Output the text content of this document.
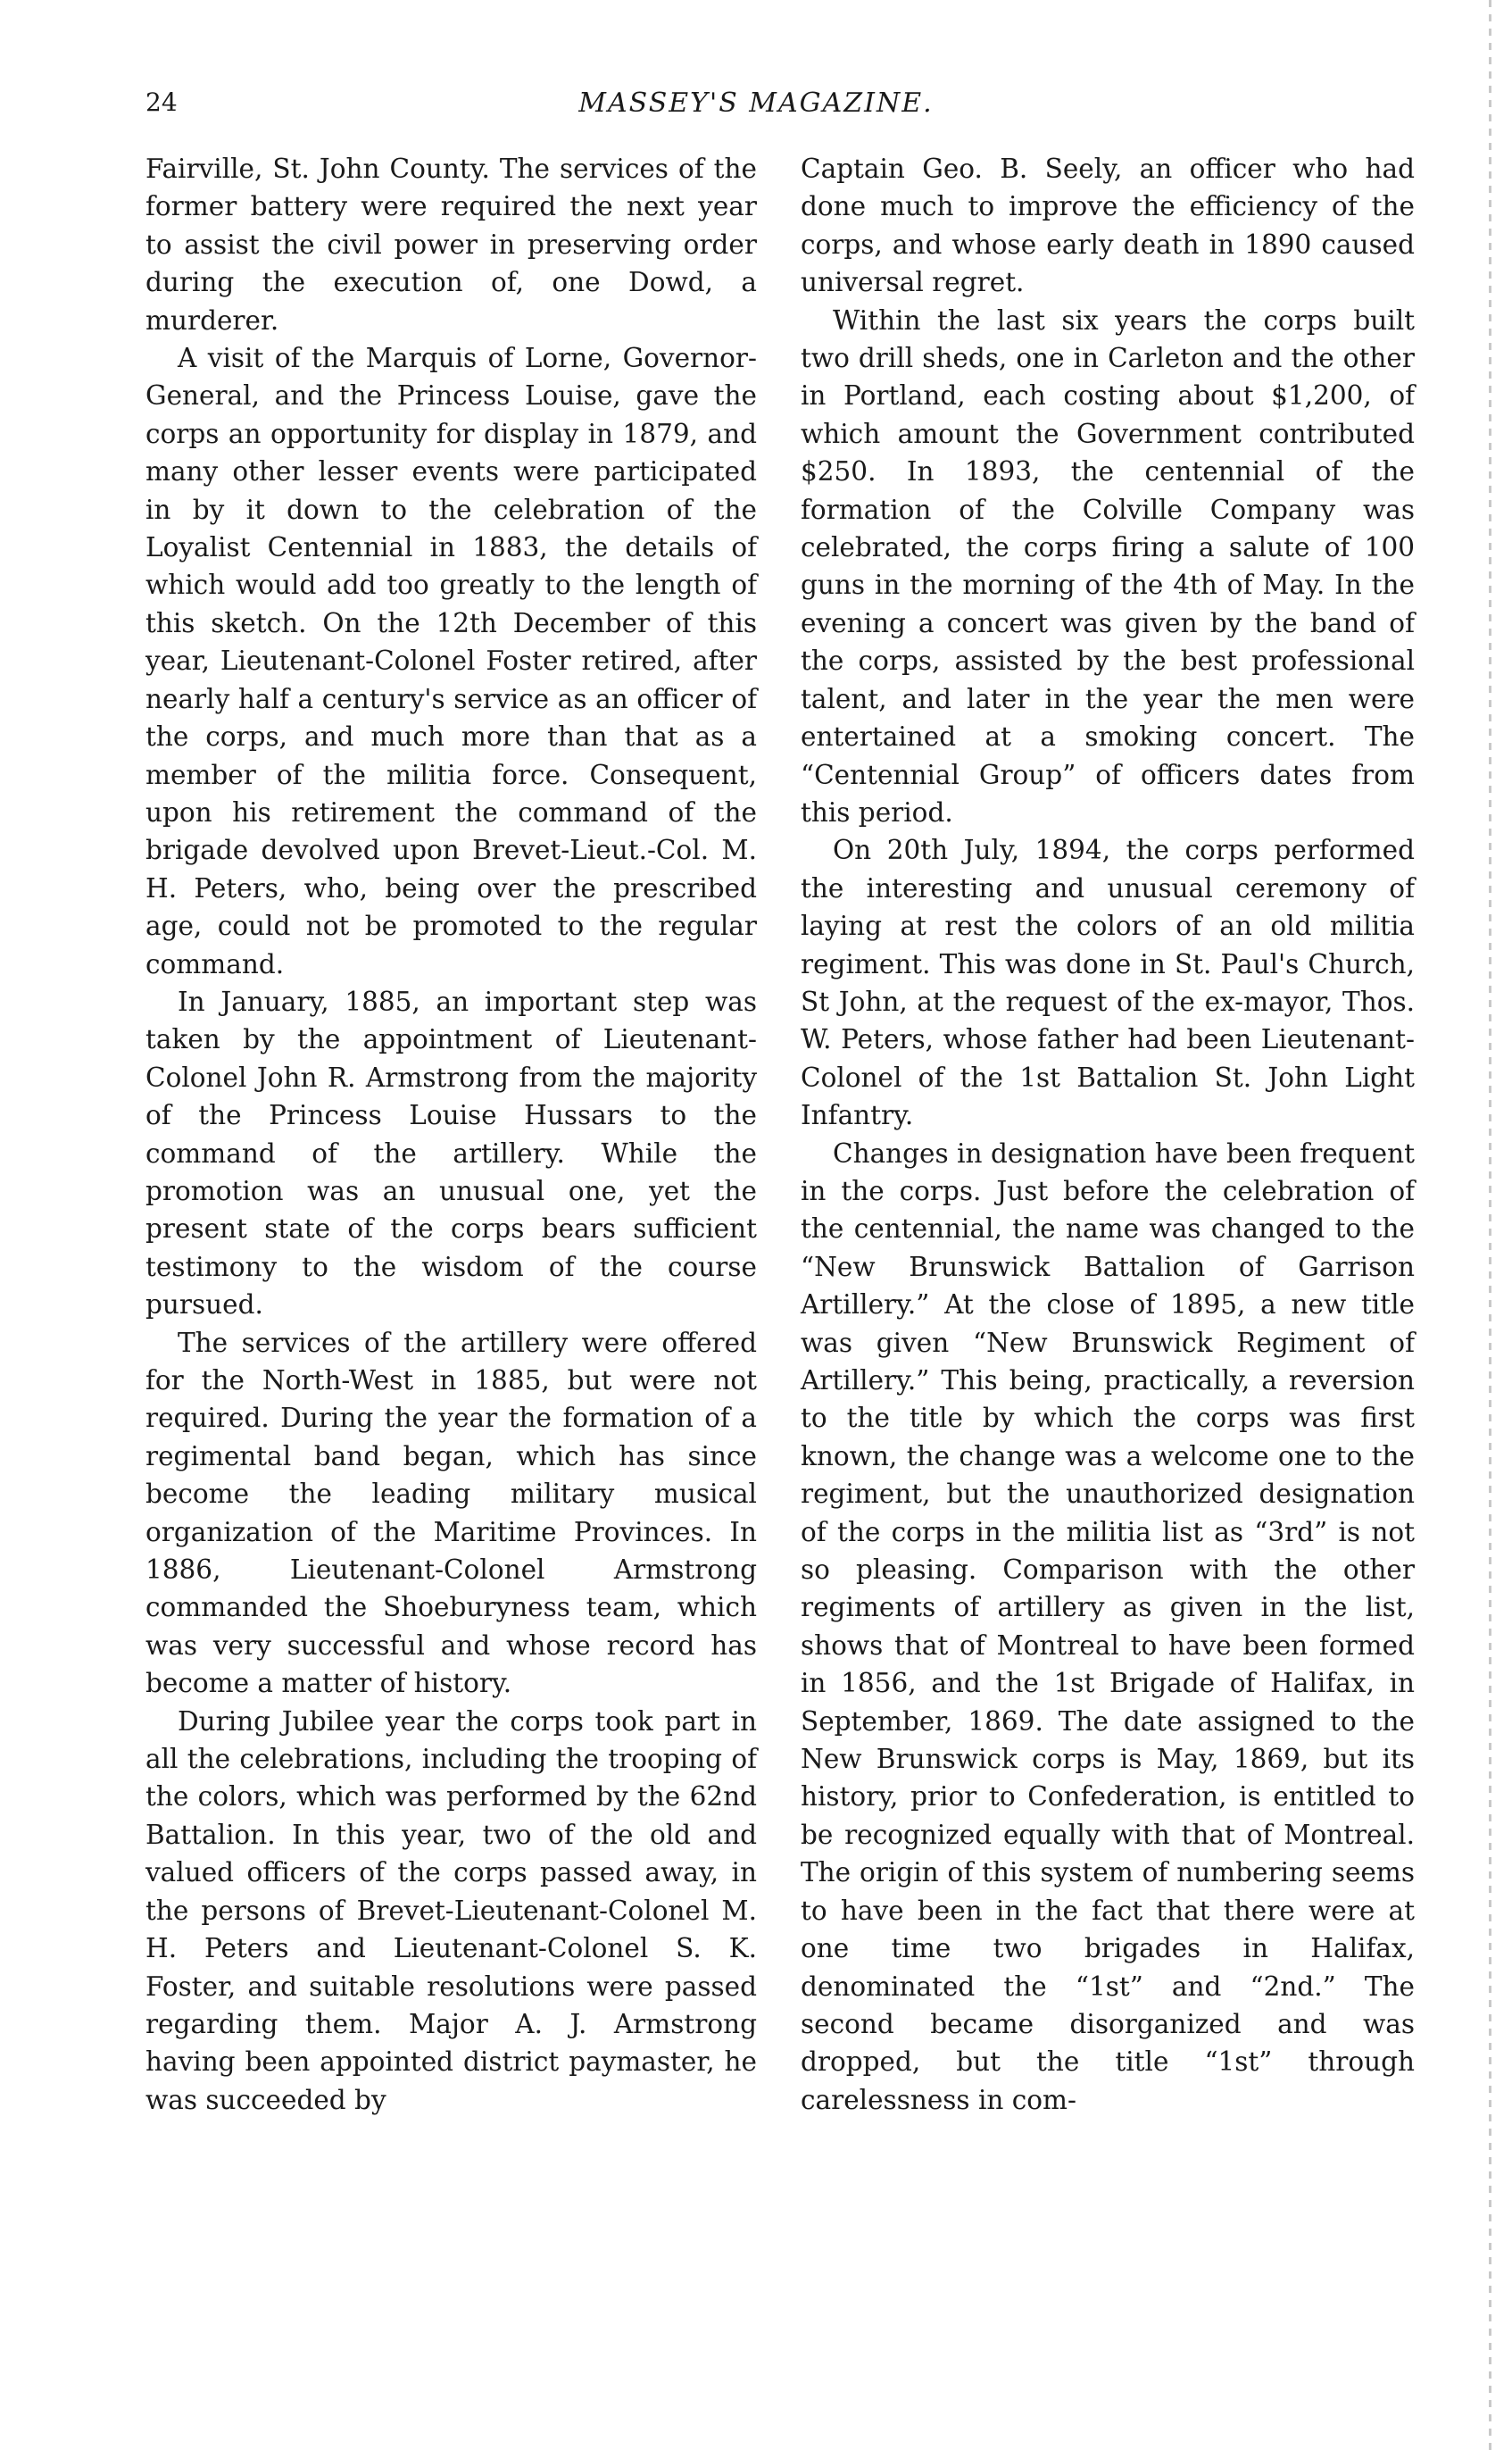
24	MASSEY'S MAGAZINE.

Fairville, St. John County. The services of the former battery were required the next year to assist the civil power in preserving order during the execution of, one Dowd, a murderer.

A visit of the Marquis of Lorne, Governor-General, and the Princess Louise, gave the corps an opportunity for display in 1879, and many other lesser events were participated in by it down to the celebration of the Loyalist Centennial in 1883, the details of which would add too greatly to the length of this sketch. On the 12th December of this year, Lieutenant-Colonel Foster retired, after nearly half a century's service as an officer of the corps, and much more than that as a member of the militia force. Consequent, upon his retirement the command of the brigade devolved upon Brevet-Lieut.-Col. M. H. Peters, who, being over the prescribed age, could not be promoted to the regular command.

In January, 1885, an important step was taken by the appointment of Lieutenant-Colonel John R. Armstrong from the majority of the Princess Louise Hussars to the command of the artillery. While the promotion was an unusual one, yet the present state of the corps bears sufficient testimony to the wisdom of the course pursued.

The services of the artillery were offered for the North-West in 1885, but were not required. During the year the formation of a regimental band began, which has since become the leading military musical organization of the Maritime Provinces. In 1886, Lieutenant-Colonel Armstrong commanded the Shoeburyness team, which was very successful and whose record has become a matter of history.

During Jubilee year the corps took part in all the celebrations, including the trooping of the colors, which was performed by the 62nd Battalion. In this year, two of the old and valued officers of the corps passed away, in the persons of Brevet-Lieutenant-Colonel M. H. Peters and Lieutenant-Colonel S. K. Foster, and suitable resolutions were passed regarding them. Major A. J. Armstrong having been appointed district paymaster, he was succeeded by

Captain Geo. B. Seely, an officer who had done much to improve the efficiency of the corps, and whose early death in 1890 caused universal regret.

Within the last six years the corps built two drill sheds, one in Carleton and the other in Portland, each costing about $1,200, of which amount the Government contributed $250. In 1893, the centennial of the formation of the Colville Company was celebrated, the corps firing a salute of 100 guns in the morning of the 4th of May. In the evening a concert was given by the band of the corps, assisted by the best professional talent, and later in the year the men were entertained at a smoking concert. The “Centennial Group” of officers dates from this period.

On 20th July, 1894, the corps performed the interesting and unusual ceremony of laying at rest the colors of an old militia regiment. This was done in St. Paul's Church, St John, at the request of the ex-mayor, Thos. W. Peters, whose father had been Lieutenant-Colonel of the 1st Battalion St. John Light Infantry.

Changes in designation have been frequent in the corps. Just before the celebration of the centennial, the name was changed to the “New Brunswick Battalion of Garrison Artillery.” At the close of 1895, a new title was given “New Brunswick Regiment of Artillery.” This being, practically, a reversion to the title by which the corps was first known, the change was a welcome one to the regiment, but the unauthorized designation of the corps in the militia list as “3rd” is not so pleasing. Comparison with the other regiments of artillery as given in the list, shows that of Montreal to have been formed in 1856, and the 1st Brigade of Halifax, in September, 1869. The date assigned to the New Brunswick corps is May, 1869, but its history, prior to Confederation, is entitled to be recognized equally with that of Montreal. The origin of this system of numbering seems to have been in the fact that there were at one time two brigades in Halifax, denominated the “1st” and “2nd.” The second became disorganized and was dropped, but the title “1st” through carelessness in com-
